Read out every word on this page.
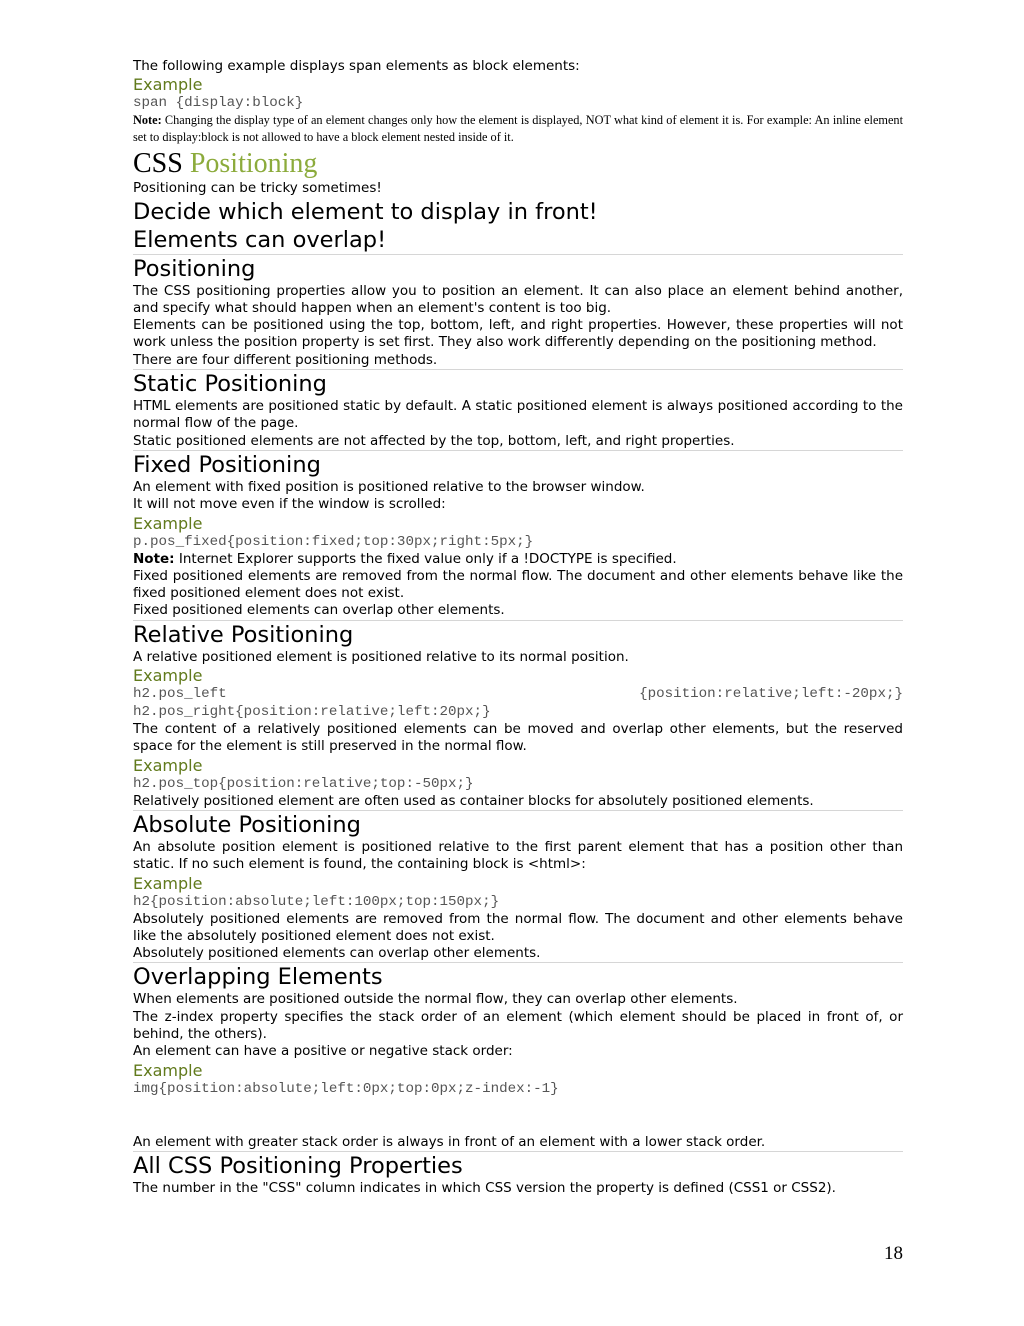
The following example displays span elements as block elements:
Example
span {display:block}
Note: Changing the display type of an element changes only how the element is displayed, NOT what kind of element it is. For example: An inline element set to display:block is not allowed to have a block element nested inside of it.
CSS Positioning
Positioning can be tricky sometimes!
Decide which element to display in front!
Elements can overlap!
Positioning
The CSS positioning properties allow you to position an element. It can also place an element behind another, and specify what should happen when an element's content is too big.
Elements can be positioned using the top, bottom, left, and right properties. However, these properties will not work unless the position property is set first. They also work differently depending on the positioning method.
There are four different positioning methods.
Static Positioning
HTML elements are positioned static by default. A static positioned element is always positioned according to the normal flow of the page.
Static positioned elements are not affected by the top, bottom, left, and right properties.
Fixed Positioning
An element with fixed position is positioned relative to the browser window.
It will not move even if the window is scrolled:
Example
p.pos_fixed{position:fixed;top:30px;right:5px;}
Note: Internet Explorer supports the fixed value only if a !DOCTYPE is specified.
Fixed positioned elements are removed from the normal flow. The document and other elements behave like the fixed positioned element does not exist.
Fixed positioned elements can overlap other elements.
Relative Positioning
A relative positioned element is positioned relative to its normal position.
Example
h2.pos_left	{position:relative;left:-20px;}
h2.pos_right{position:relative;left:20px;}
The content of a relatively positioned elements can be moved and overlap other elements, but the reserved space for the element is still preserved in the normal flow.
Example
h2.pos_top{position:relative;top:-50px;}
Relatively positioned element are often used as container blocks for absolutely positioned elements.
Absolute Positioning
An absolute position element is positioned relative to the first parent element that has a position other than static. If no such element is found, the containing block is <html>:
Example
h2{position:absolute;left:100px;top:150px;}
Absolutely positioned elements are removed from the normal flow. The document and other elements behave like the absolutely positioned element does not exist.
Absolutely positioned elements can overlap other elements.
Overlapping Elements
When elements are positioned outside the normal flow, they can overlap other elements.
The z-index property specifies the stack order of an element (which element should be placed in front of, or behind, the others).
An element can have a positive or negative stack order:
Example
img{position:absolute;left:0px;top:0px;z-index:-1}
An element with greater stack order is always in front of an element with a lower stack order.
All CSS Positioning Properties
The number in the "CSS" column indicates in which CSS version the property is defined (CSS1 or CSS2).
18
